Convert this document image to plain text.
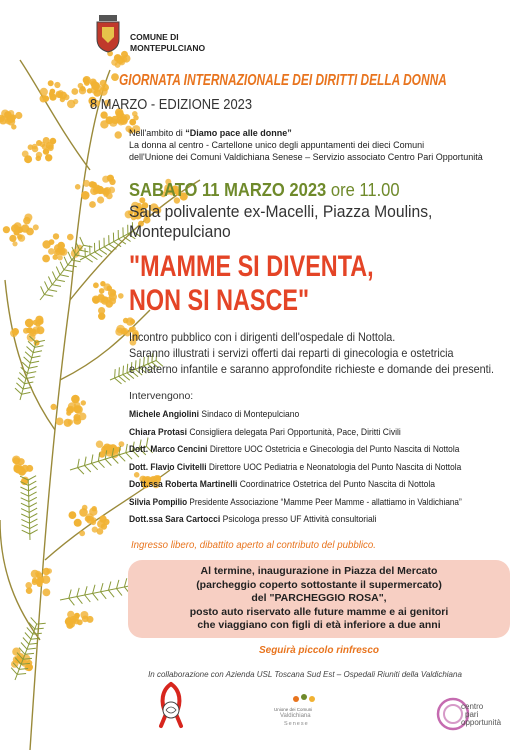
COMUNE DI
MONTEPULCIANO
GIORNATA INTERNAZIONALE DEI DIRITTI DELLA DONNA
8 MARZO - EDIZIONE 2023
Nell'ambito di “Diamo pace alle donne”
La donna al centro - Cartellone unico degli appuntamenti dei dieci Comuni
dell'Unione dei Comuni Valdichiana Senese – Servizio associato Centro Pari Opportunità
SABATO 11 MARZO 2023 ore 11.00
Sala polivalente ex-Macelli, Piazza Moulins,
Montepulciano
"MAMME SI DIVENTA,
NON SI NASCE"
Incontro pubblico con i dirigenti dell'ospedale di Nottola.
Saranno illustrati i servizi offerti dai reparti di ginecologia e ostetricia
e materno infantile e saranno approfondite richieste e domande dei presenti.
Intervengono:
Michele Angiolini Sindaco di Montepulciano
Chiara Protasi Consigliera delegata Pari Opportunità, Pace, Diritti Civili
Dott. Marco Cencini Direttore UOC Ostetricia e Ginecologia del Punto Nascita di Nottola
Dott. Flavio Civitelli Direttore UOC Pediatria e Neonatologia del Punto Nascita di Nottola
Dott.ssa Roberta Martinelli Coordinatrice Ostetrica del Punto Nascita di Nottola
Silvia Pompilio Presidente Associazione “Mamme Peer Mamme - allattiamo in Valdichiana”
Dott.ssa Sara Cartocci Psicologa presso UF Attività consultoriali
Ingresso libero, dibattito aperto al contributo del pubblico.
Al termine, inaugurazione in Piazza del Mercato
(parcheggio coperto sottostante il supermercato)
del "PARCHEGGIO ROSA",
posto auto riservato alle future mamme e ai genitori
che viaggiano con figli di età inferiore a due anni
Seguirà piccolo rinfresco
In collaborazione con Azienda USL Toscana Sud Est – Ospedali Riuniti della Valdichiana
Unione dei Comuni
Valdichiana
Senese
centro
pari
opportunità
